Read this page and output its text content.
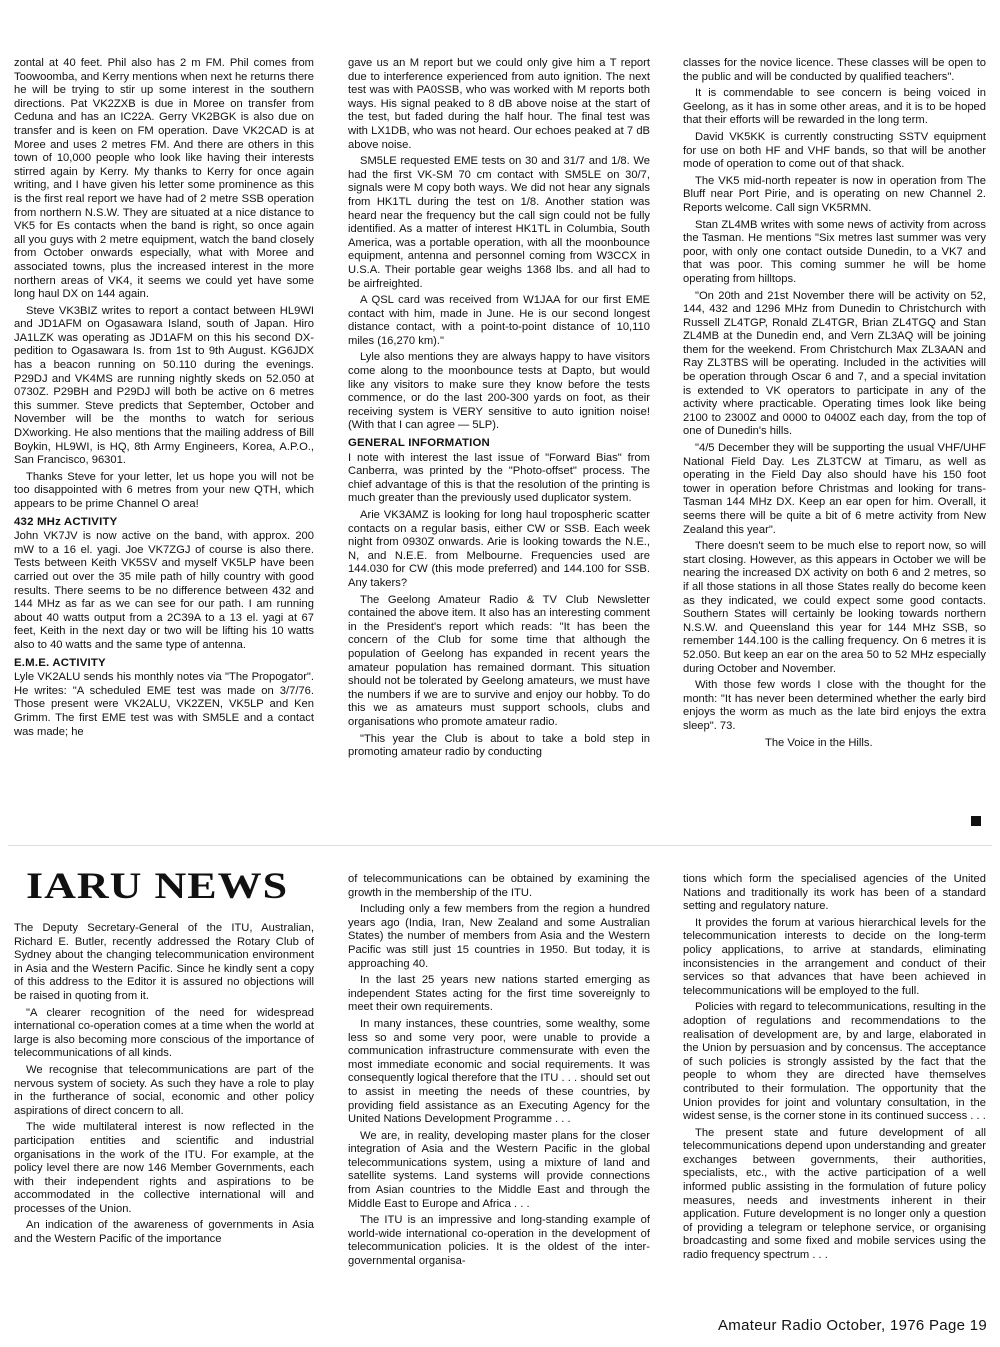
zontal at 40 feet. Phil also has 2 m FM. Phil comes from Toowoomba, and Kerry mentions when next he returns there he will be trying to stir up some interest in the southern directions. Pat VK2ZXB is due in Moree on transfer from Ceduna and has an IC22A. Gerry VK2BGK is also due on transfer and is keen on FM operation. Dave VK2CAD is at Moree and uses 2 metres FM. And there are others in this town of 10,000 people who look like having their interests stirred again by Kerry. My thanks to Kerry for once again writing, and I have given his letter some prominence as this is the first real report we have had of 2 metre SSB operation from northern N.S.W. They are situated at a nice distance to VK5 for Es contacts when the band is right, so once again all you guys with 2 metre equipment, watch the band closely from October onwards especially, what with Moree and associated towns, plus the increased interest in the more northern areas of VK4, it seems we could yet have some long haul DX on 144 again.

Steve VK3BIZ writes to report a contact between HL9WI and JD1AFM on Ogasawara Island, south of Japan. Hiro JA1LZK was operating as JD1AFM on this his second DX-pedition to Ogasawara Is. from 1st to 9th August. KG6JDX has a beacon running on 50.110 during the evenings. P29DJ and VK4MS are running nightly skeds on 52.050 at 0730Z. P29BH and P29DJ will both be active on 6 metres this summer. Steve predicts that September, October and November will be the months to watch for serious DXworking. He also mentions that the mailing address of Bill Boykin, HL9WI, is HQ, 8th Army Engineers, Korea, A.P.O., San Francisco, 96301.

Thanks Steve for your letter, let us hope you will not be too disappointed with 6 metres from your new QTH, which appears to be prime Channel O area!

432 MHz ACTIVITY

John VK7JV is now active on the band, with approx. 200 mW to a 16 el. yagi. Joe VK7ZGJ of course is also there. Tests between Keith VK5SV and myself VK5LP have been carried out over the 35 mile path of hilly country with good results. There seems to be no difference between 432 and 144 MHz as far as we can see for our path. I am running about 40 watts output from a 2C39A to a 13 el. yagi at 67 feet, Keith in the next day or two will be lifting his 10 watts also to 40 watts and the same type of antenna.

E.M.E. ACTIVITY

Lyle VK2ALU sends his monthly notes via "The Propogator". He writes: "A scheduled EME test was made on 3/7/76. Those present were VK2ALU, VK2ZEN, VK5LP and Ken Grimm. The first EME test was with SM5LE and a contact was made; he

gave us an M report but we could only give him a T report due to interference experienced from auto ignition. The next test was with PA0SSB, who was worked with M reports both ways. His signal peaked to 8 dB above noise at the start of the test, but faded during the half hour. The final test was with LX1DB, who was not heard. Our echoes peaked at 7 dB above noise.

SM5LE requested EME tests on 30 and 31/7 and 1/8. We had the first VK-SM 70 cm contact with SM5LE on 30/7, signals were M copy both ways. We did not hear any signals from HK1TL during the test on 1/8. Another station was heard near the frequency but the call sign could not be fully identified. As a matter of interest HK1TL in Columbia, South America, was a portable operation, with all the moonbounce equipment, antenna and personnel coming from W3CCX in U.S.A. Their portable gear weighs 1368 lbs. and all had to be airfreighted.

A QSL card was received from W1JAA for our first EME contact with him, made in June. He is our second longest distance contact, with a point-to-point distance of 10,110 miles (16,270 km)."

Lyle also mentions they are always happy to have visitors come along to the moonbounce tests at Dapto, but would like any visitors to make sure they know before the tests commence, or do the last 200-300 yards on foot, as their receiving system is VERY sensitive to auto ignition noise! (With that I can agree — 5LP).

GENERAL INFORMATION

I note with interest the last issue of "Forward Bias" from Canberra, was printed by the "Photo-offset" process. The chief advantage of this is that the resolution of the printing is much greater than the previously used duplicator system.

Arie VK3AMZ is looking for long haul tropospheric scatter contacts on a regular basis, either CW or SSB. Each week night from 0930Z onwards. Arie is looking towards the N.E., N, and N.E.E. from Melbourne. Frequencies used are 144.030 for CW (this mode preferred) and 144.100 for SSB. Any takers?

The Geelong Amateur Radio & TV Club Newsletter contained the above item. It also has an interesting comment in the President's report which reads: "It has been the concern of the Club for some time that although the population of Geelong has expanded in recent years the amateur population has remained dormant. This situation should not be tolerated by Geelong amateurs, we must have the numbers if we are to survive and enjoy our hobby. To do this we as amateurs must support schools, clubs and organisations who promote amateur radio.

"This year the Club is about to take a bold step in promoting amateur radio by conducting

classes for the novice licence. These classes will be open to the public and will be conducted by qualified teachers".

It is commendable to see concern is being voiced in Geelong, as it has in some other areas, and it is to be hoped that their efforts will be rewarded in the long term.

David VK5KK is currently constructing SSTV equipment for use on both HF and VHF bands, so that will be another mode of operation to come out of that shack.

The VK5 mid-north repeater is now in operation from The Bluff near Port Pirie, and is operating on new Channel 2. Reports welcome. Call sign VK5RMN.

Stan ZL4MB writes with some news of activity from across the Tasman. He mentions "Six metres last summer was very poor, with only one contact outside Dunedin, to a VK7 and that was poor. This coming summer he will be home operating from hilltops.

"On 20th and 21st November there will be activity on 52, 144, 432 and 1296 MHz from Dunedin to Christchurch with Russell ZL4TGP, Ronald ZL4TGR, Brian ZL4TGQ and Stan ZL4MB at the Dunedin end, and Vern ZL3AQ will be joining them for the weekend. From Christchurch Max ZL3AAN and Ray ZL3TBS will be operating. Included in the activities will be operation through Oscar 6 and 7, and a special invitation is extended to VK operators to participate in any of the activity where practicable. Operating times look like being 2100 to 2300Z and 0000 to 0400Z each day, from the top of one of Dunedin's hills.

"4/5 December they will be supporting the usual VHF/UHF National Field Day. Les ZL3TCW at Timaru, as well as operating in the Field Day also should have his 150 foot tower in operation before Christmas and looking for trans-Tasman 144 MHz DX. Keep an ear open for him. Overall, it seems there will be quite a bit of 6 metre activity from New Zealand this year".

There doesn't seem to be much else to report now, so will start closing. However, as this appears in October we will be nearing the increased DX activity on both 6 and 2 metres, so if all those stations in all those States really do become keen as they indicated, we could expect some good contacts. Southern States will certainly be looking towards northern N.S.W. and Queensland this year for 144 MHz SSB, so remember 144.100 is the calling frequency. On 6 metres it is 52.050. But keep an ear on the area 50 to 52 MHz especially during October and November.

With those few words I close with the thought for the month: "It has never been determined whether the early bird enjoys the worm as much as the late bird enjoys the extra sleep". 73.

The Voice in the Hills.

IARU NEWS

The Deputy Secretary-General of the ITU, Australian, Richard E. Butler, recently addressed the Rotary Club of Sydney about the changing telecommunication environment in Asia and the Western Pacific. Since he kindly sent a copy of this address to the Editor it is assured no objections will be raised in quoting from it.

"A clearer recognition of the need for widespread international co-operation comes at a time when the world at large is also becoming more conscious of the importance of telecommunications of all kinds.

We recognise that telecommunications are part of the nervous system of society. As such they have a role to play in the furtherance of social, economic and other policy aspirations of direct concern to all.

The wide multilateral interest is now reflected in the participation entities and scientific and industrial organisations in the work of the ITU. For example, at the policy level there are now 146 Member Governments, each with their independent rights and aspirations to be accommodated in the collective international will and processes of the Union.

An indication of the awareness of governments in Asia and the Western Pacific of the importance

of telecommunications can be obtained by examining the growth in the membership of the ITU.

Including only a few members from the region a hundred years ago (India, Iran, New Zealand and some Australian States) the number of members from Asia and the Western Pacific was still just 15 countries in 1950. But today, it is approaching 40.

In the last 25 years new nations started emerging as independent States acting for the first time sovereignly to meet their own requirements.

In many instances, these countries, some wealthy, some less so and some very poor, were unable to provide a communication infrastructure commensurate with even the most immediate economic and social requirements. It was consequently logical therefore that the ITU . . . should set out to assist in meeting the needs of these countries, by providing field assistance as an Executing Agency for the United Nations Development Programme . . .

We are, in reality, developing master plans for the closer integration of Asia and the Western Pacific in the global telecommunications system, using a mixture of land and satellite systems. Land systems will provide connections from Asian countries to the Middle East and through the Middle East to Europe and Africa . . .

The ITU is an impressive and long-standing example of world-wide international co-operation in the development of telecommunication policies. It is the oldest of the inter-governmental organisa-

tions which form the specialised agencies of the United Nations and traditionally its work has been of a standard setting and regulatory nature.

It provides the forum at various hierarchical levels for the telecommunication interests to decide on the long-term policy applications, to arrive at standards, eliminating inconsistencies in the arrangement and conduct of their services so that advances that have been achieved in telecommunications will be employed to the full.

Policies with regard to telecommunications, resulting in the adoption of regulations and recommendations to the realisation of development are, by and large, elaborated in the Union by persuasion and by concensus. The acceptance of such policies is strongly assisted by the fact that the people to whom they are directed have themselves contributed to their formulation. The opportunity that the Union provides for joint and voluntary consultation, in the widest sense, is the corner stone in its continued success . . .

The present state and future development of all telecommunications depend upon understanding and greater exchanges between governments, their authorities, specialists, etc., with the active participation of a well informed public assisting in the formulation of future policy measures, needs and investments inherent in their application. Future development is no longer only a question of providing a telegram or telephone service, or organising broadcasting and some fixed and mobile services using the radio frequency spectrum . . .

Amateur Radio October, 1976 Page 19
